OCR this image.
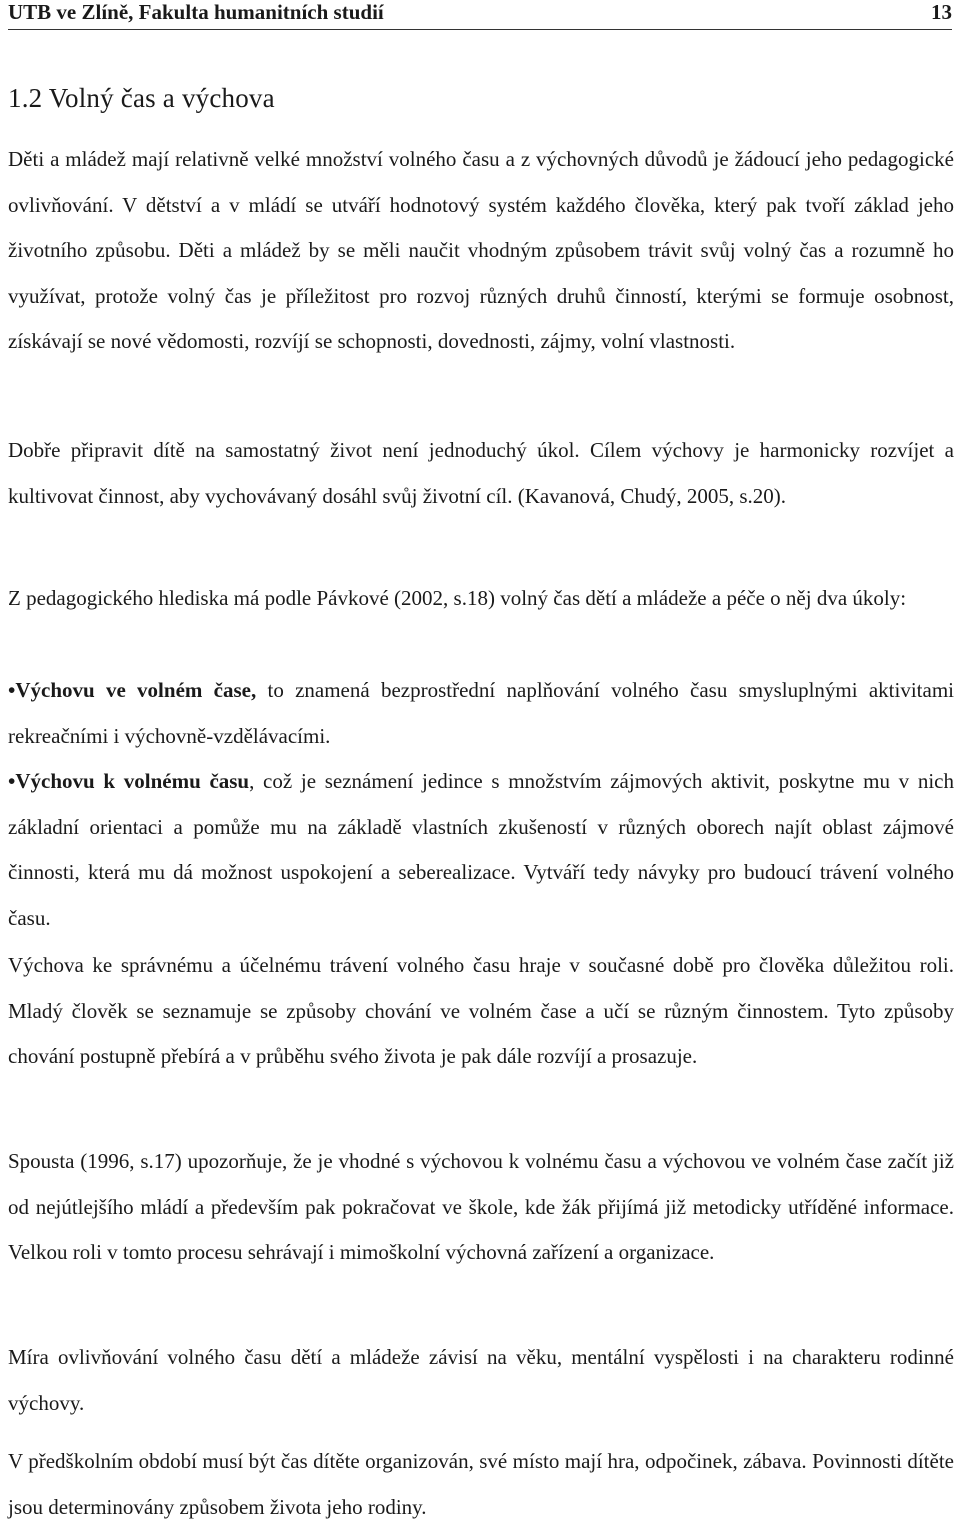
UTB ve Zlíně, Fakulta humanitních studií	13
1.2 Volný čas a výchova

Děti a mládež mají relativně velké množství volného času a z výchovných důvodů je žádoucí jeho pedagogické ovlivňování. V dětství a v mládí se utváří hodnotový systém každého člověka, který pak tvoří základ jeho životního způsobu. Děti a mládež by se měli naučit vhodným způsobem trávit svůj volný čas a rozumně ho využívat, protože volný čas je příležitost pro rozvoj různých druhů činností, kterými se formuje osobnost, získávají se nové vědomosti, rozvíjí se schopnosti, dovednosti, zájmy, volní vlastnosti.

Dobře připravit dítě na samostatný život není jednoduchý úkol. Cílem výchovy je harmonicky rozvíjet a kultivovat činnost, aby vychovávaný dosáhl svůj životní cíl. (Kavanová, Chudý, 2005, s.20).

Z pedagogického hlediska má podle Pávkové (2002, s.18) volný čas dětí a mládeže a péče o něj dva úkoly:

•Výchovu ve volném čase, to znamená bezprostřední naplňování volného času smysluplnými aktivitami rekreačními i výchovně-vzdělávacími.

•Výchovu k volnému času, což je seznámení jedince s množstvím zájmových aktivit, poskytne mu v nich základní orientaci a pomůže mu na základě vlastních zkušeností v různých oborech najít oblast zájmové činnosti, která mu dá možnost uspokojení a seberealizace. Vytváří tedy návyky pro budoucí trávení volného času.

Výchova ke správnému a účelnému trávení volného času hraje v současné době pro člověka důležitou roli. Mladý člověk se seznamuje se způsoby chování ve volném čase a učí se různým činnostem. Tyto způsoby chování postupně přebírá a v průběhu svého života je pak dále rozvíjí a prosazuje.

Spousta (1996, s.17) upozorňuje, že je vhodné s výchovou k volnému času a výchovou ve volném čase začít již od nejútlejšího mládí a především pak pokračovat ve škole, kde žák přijímá již metodicky utříděné informace. Velkou roli v tomto procesu sehrávají i mimoškolní výchovná zařízení a organizace.

Míra ovlivňování volného času dětí a mládeže závisí na věku, mentální vyspělosti i na charakteru rodinné výchovy.

V předškolním období musí být čas dítěte organizován, své místo mají hra, odpočinek, zábava. Povinnosti dítěte jsou determinovány způsobem života jeho rodiny.
